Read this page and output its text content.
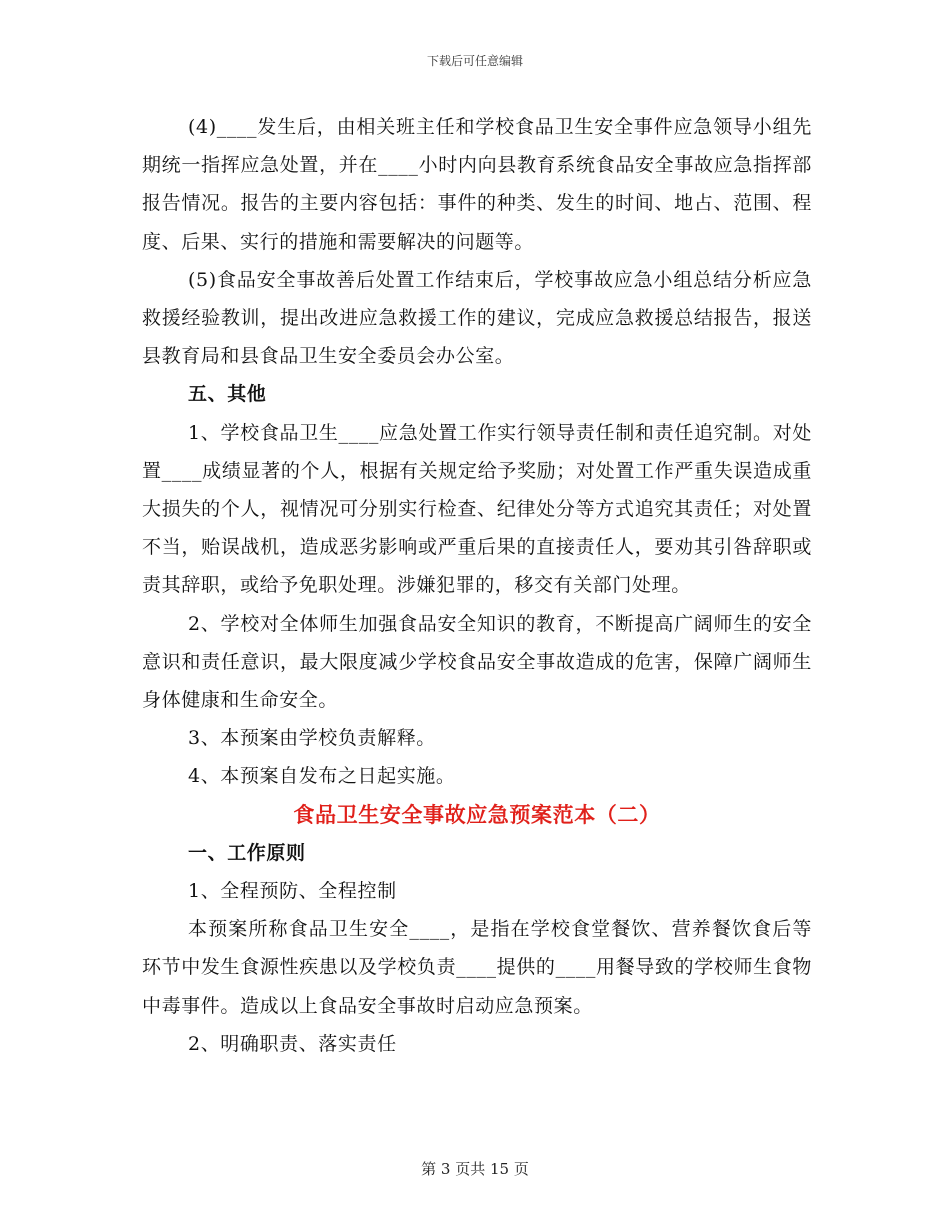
下载后可任意编辑

(4)____发生后，由相关班主任和学校食品卫生安全事件应急领导小组先期统一指挥应急处置，并在____小时内向县教育系统食品安全事故应急指挥部报告情况。报告的主要内容包括：事件的种类、发生的时间、地占、范围、程度、后果、实行的措施和需要解决的问题等。

(5)食品安全事故善后处置工作结束后，学校事故应急小组总结分析应急救援经验教训，提出改进应急救援工作的建议，完成应急救援总结报告，报送县教育局和县食品卫生安全委员会办公室。

五、其他

1、学校食品卫生____应急处置工作实行领导责任制和责任追究制。对处置____成绩显著的个人，根据有关规定给予奖励；对处置工作严重失误造成重大损失的个人，视情况可分别实行检查、纪律处分等方式追究其责任；对处置不当，贻误战机，造成恶劣影响或严重后果的直接责任人，要劝其引咎辞职或责其辞职，或给予免职处理。涉嫌犯罪的，移交有关部门处理。

2、学校对全体师生加强食品安全知识的教育，不断提高广阔师生的安全意识和责任意识，最大限度减少学校食品安全事故造成的危害，保障广阔师生身体健康和生命安全。

3、本预案由学校负责解释。

4、本预案自发布之日起实施。

食品卫生安全事故应急预案范本（二）

一、工作原则

1、全程预防、全程控制

本预案所称食品卫生安全____，是指在学校食堂餐饮、营养餐饮食后等环节中发生食源性疾患以及学校负责____提供的____用餐导致的学校师生食物中毒事件。造成以上食品安全事故时启动应急预案。

2、明确职责、落实责任

第 3 页共 15 页
